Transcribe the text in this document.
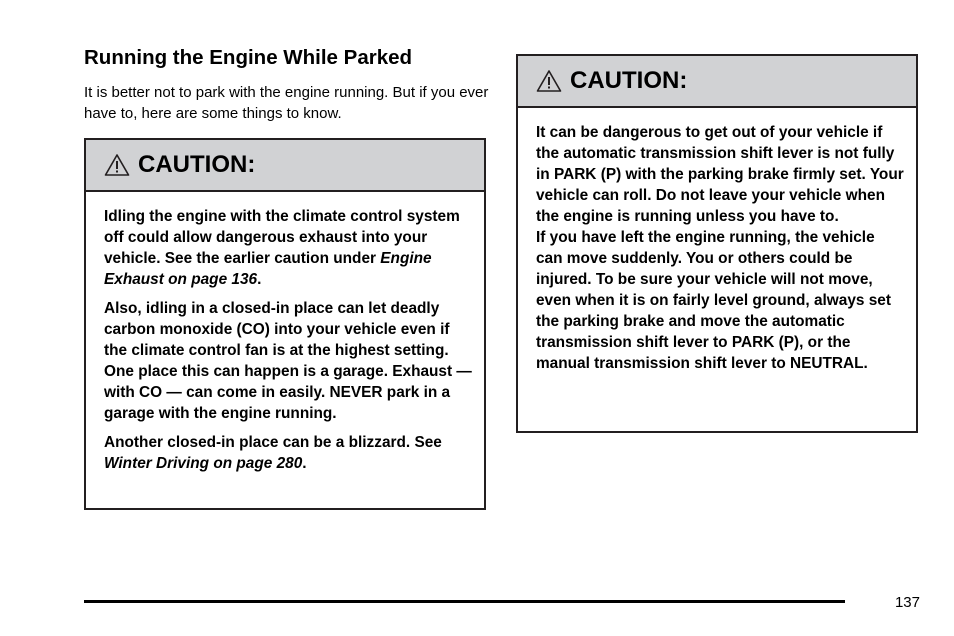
Running the Engine While Parked

It is better not to park with the engine running. But if you ever have to, here are some things to know.

CAUTION:

Idling the engine with the climate control system off could allow dangerous exhaust into your vehicle. See the earlier caution under Engine Exhaust on page 136.

Also, idling in a closed-in place can let deadly carbon monoxide (CO) into your vehicle even if the climate control fan is at the highest setting. One place this can happen is a garage. Exhaust — with CO — can come in easily. NEVER park in a garage with the engine running.

Another closed-in place can be a blizzard. See Winter Driving on page 280.

CAUTION:

It can be dangerous to get out of your vehicle if the automatic transmission shift lever is not fully in PARK (P) with the parking brake firmly set. Your vehicle can roll. Do not leave your vehicle when the engine is running unless you have to.

If you have left the engine running, the vehicle can move suddenly. You or others could be injured. To be sure your vehicle will not move, even when it is on fairly level ground, always set the parking brake and move the automatic transmission shift lever to PARK (P), or the manual transmission shift lever to NEUTRAL.

137
